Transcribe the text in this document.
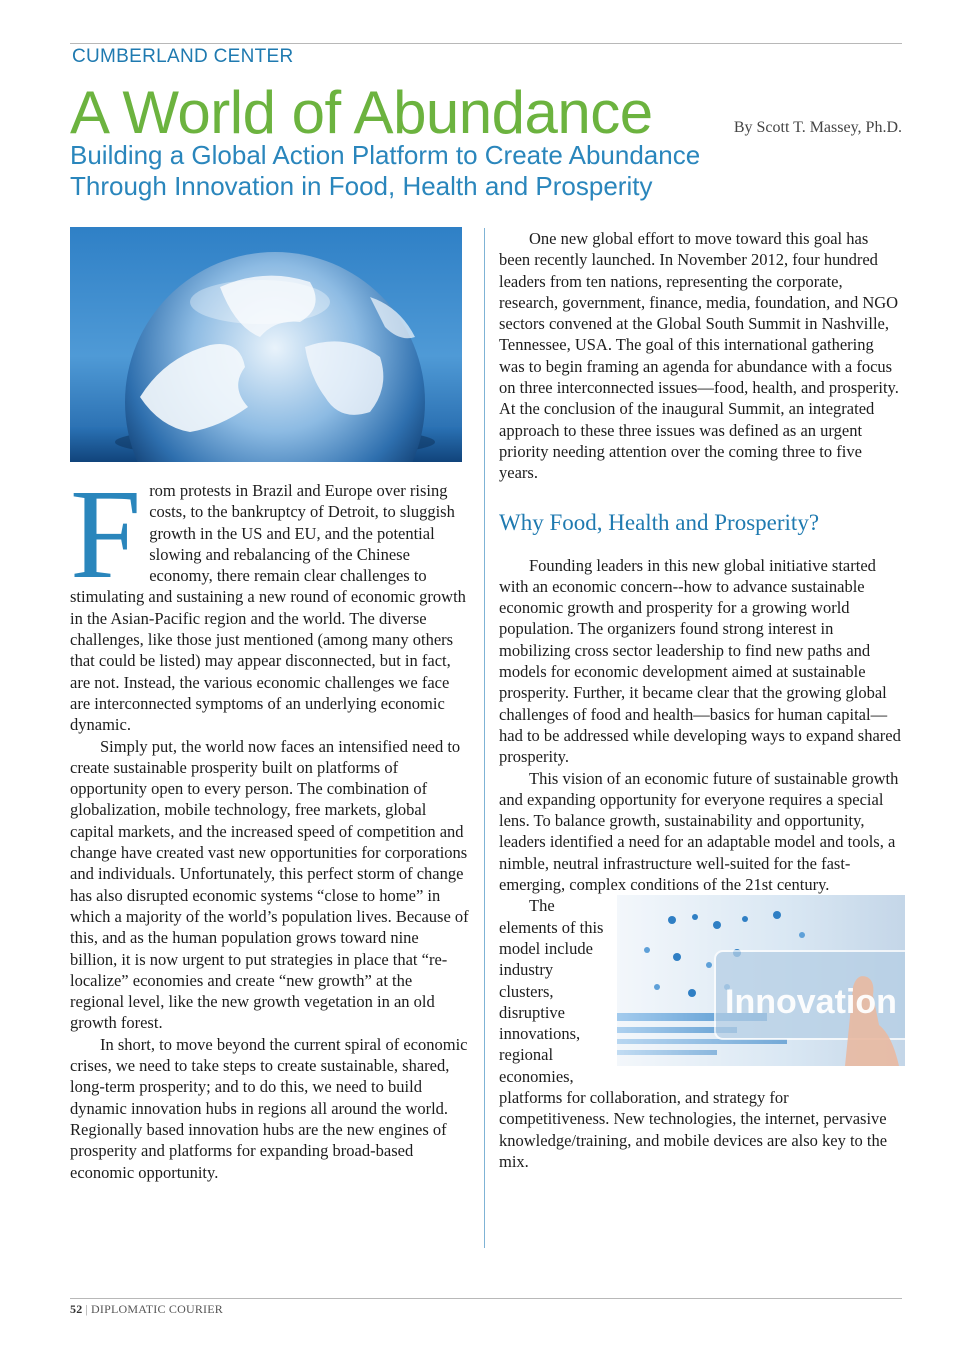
CUMBERLAND CENTER
A World of Abundance	By Scott T. Massey, Ph.D.
Building a Global Action Platform to Create Abundance
Through Innovation in Food, Health and Prosperity

From protests in Brazil and Europe over rising costs, to the bankruptcy of Detroit, to sluggish growth in the US and EU, and the potential slowing and rebalancing of the Chinese economy, there remain clear challenges to stimulating and sustaining a new round of economic growth in the Asian-Pacific region and the world. The diverse challenges, like those just mentioned (among many others that could be listed) may appear disconnected, but in fact, are not. Instead, the various economic challenges we face are interconnected symptoms of an underlying economic dynamic.

Simply put, the world now faces an intensified need to create sustainable prosperity built on platforms of opportunity open to every person. The combination of globalization, mobile technology, free markets, global capital markets, and the increased speed of competition and change have created vast new opportunities for corporations and individuals. Unfortunately, this perfect storm of change has also disrupted economic systems “close to home” in which a majority of the world’s population lives. Because of this, and as the human population grows toward nine billion, it is now urgent to put strategies in place that “re-localize” economies and create “new growth” at the regional level, like the new growth vegetation in an old growth forest.

In short, to move beyond the current spiral of economic crises, we need to take steps to create sustainable, shared, long-term prosperity; and to do this, we need to build dynamic innovation hubs in regions all around the world. Regionally based innovation hubs are the new engines of prosperity and platforms for expanding broad-based economic opportunity.

One new global effort to move toward this goal has been recently launched. In November 2012, four hundred leaders from ten nations, representing the corporate, research, government, finance, media, foundation, and NGO sectors convened at the Global South Summit in Nashville, Tennessee, USA. The goal of this international gathering was to begin framing an agenda for abundance with a focus on three interconnected issues—food, health, and prosperity. At the conclusion of the inaugural Summit, an integrated approach to these three issues was defined as an urgent priority needing attention over the coming three to five years.

Why Food, Health and Prosperity?

Founding leaders in this new global initiative started with an economic concern--how to advance sustainable economic growth and prosperity for a growing world population. The organizers found strong interest in mobilizing cross sector leadership to find new paths and models for economic development aimed at sustainable prosperity. Further, it became clear that the growing global challenges of food and health—basics for human capital—had to be addressed while developing ways to expand shared prosperity.

This vision of an economic future of sustainable growth and expanding opportunity for everyone requires a special lens. To balance growth, sustainability and opportunity, leaders identified a need for an adaptable model and tools, a nimble, neutral infrastructure well-suited for the fast-emerging, complex conditions of the 21st century.
Innovation

The elements of this model include industry clusters, disruptive innovations, regional economies, platforms for collaboration, and strategy for competitiveness. New technologies, the internet, pervasive knowledge/training, and mobile devices are also key to the mix.

52 | DIPLOMATIC COURIER
